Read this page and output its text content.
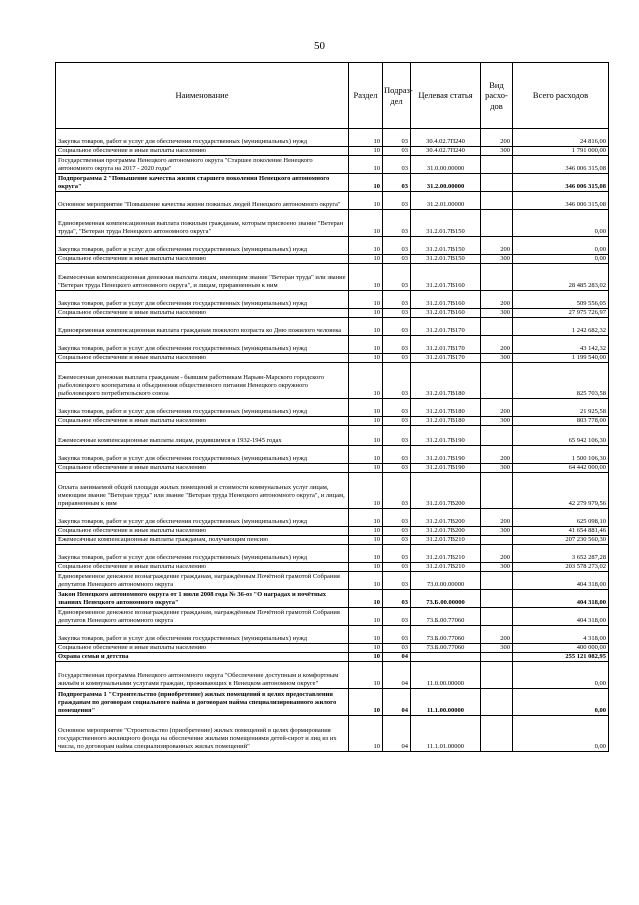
50
Наименование	Раздел	Подраз- дел	Целевая статья	Вид расхо- дов	Всего расходов
Закупка товаров, работ и услуг для обеспечения государственных (муниципальных) нужд	10	03	30.4.02.7П240	200	24 816,00
Социальное обеспечение и иные выплаты населению	10	03	30.4.02.7П240	300	1 791 000,00
Государственная программа Ненецкого автономного округа "Старшее поколение Ненецкого автономного округа на 2017 - 2020 годы"	10	03	31.0.00.00000		346 006 315,08
Подпрограмма 2 "Повышение качества жизни старшего поколения Ненецкого автономного округа"	10	03	31.2.00.00000		346 006 315,08
Основное мероприятие "Повышение качества жизни пожилых людей Ненецкого автономного округа"	10	03	31.2.01.00000		346 006 315,08
Единовременная компенсационная выплата пожилым гражданам, которым присвоено звание "Ветеран труда", "Ветеран труда Ненецкого автономного округа"	10	03	31.2.01.7В150		0,00
Закупка товаров, работ и услуг для обеспечения государственных (муниципальных) нужд	10	03	31.2.01.7В150	200	0,00
Социальное обеспечение и иные выплаты населению	10	03	31.2.01.7В150	300	0,00
Ежемесячная компенсационная денежная выплата лицам, имеющим звание "Ветеран труда" или звание "Ветеран труда Ненецкого автономного округа", и лицам, приравненным к ним	10	03	31.2.01.7В160		28 485 283,02
Закупка товаров, работ и услуг для обеспечения государственных (муниципальных) нужд	10	03	31.2.01.7В160	200	509 556,05
Социальное обеспечение и иные выплаты населению	10	03	31.2.01.7В160	300	27 975 726,97
Единовременная компенсационная выплата гражданам пожилого возраста ко Дню пожилого человека	10	03	31.2.01.7В170		1 242 682,32
Закупка товаров, работ и услуг для обеспечения государственных (муниципальных) нужд	10	03	31.2.01.7В170	200	43 142,32
Социальное обеспечение и иные выплаты населению	10	03	31.2.01.7В170	300	1 199 540,00
Ежемесячная денежная выплата гражданам - бывшим работникам Нарьян-Марского городского рыболовецкого кооператива и объединения общественного питания Ненецкого окружного рыболовецкого потребительского союза	10	03	31.2.01.7В180		825 703,58
Закупка товаров, работ и услуг для обеспечения государственных (муниципальных) нужд	10	03	31.2.01.7В180	200	21 925,58
Социальное обеспечение и иные выплаты населению	10	03	31.2.01.7В180	300	803 778,00
Ежемесячные компенсационные выплаты лицам, родившимся в 1932-1945 годах	10	03	31.2.01.7В190		65 942 106,30
Закупка товаров, работ и услуг для обеспечения государственных (муниципальных) нужд	10	03	31.2.01.7В190	200	1 500 106,30
Социальное обеспечение и иные выплаты населению	10	03	31.2.01.7В190	300	64 442 000,00
Оплата занимаемой общей площади жилых помещений и стоимости коммунальных услуг лицам, имеющим звание "Ветеран труда" или звание "Ветеран труда Ненецкого автономного округа", и лицам, приравненным к ним	10	03	31.2.01.7В200		42 279 979,56
Закупка товаров, работ и услуг для обеспечения государственных (муниципальных) нужд	10	03	31.2.01.7В200	200	625 098,10
Социальное обеспечение и иные выплаты населению	10	03	31.2.01.7В200	300	41 654 881,46
Ежемесячные компенсационные выплаты гражданам, получающим пенсию	10	03	31.2.01.7В210		207 230 560,30
Закупка товаров, работ и услуг для обеспечения государственных (муниципальных) нужд	10	03	31.2.01.7В210	200	3 652 287,28
Социальное обеспечение и иные выплаты населению	10	03	31.2.01.7В210	300	203 578 273,02
Единовременное денежное вознаграждение гражданам, награждённым Почётной грамотой Собрания депутатов Ненецкого автономного округа	10	03	73.0.00.00000		404 318,00
Закон Ненецкого автономного округа от 1 июля 2008 года № 36-оз "О наградах и почётных званиях Ненецкого автономного округа"	10	03	73.Б.00.00000		404 318,00
Единовременное денежное вознаграждение гражданам, награждённым Почётной грамотой Собрания депутатов Ненецкого автономного округа	10	03	73.Б.00.77060		404 318,00
Закупка товаров, работ и услуг для обеспечения государственных (муниципальных) нужд	10	03	73.Б.00.77060	200	4 318,00
Социальное обеспечение и иные выплаты населению	10	03	73.Б.00.77060	300	400 000,00
Охрана семьи и детства	10	04			255 121 082,95
Государственная программа Ненецкого автономного округа "Обеспечение доступным и комфортным жильём и коммунальными услугами граждан, проживающих в Ненецком автономном округе"	10	04	11.0.00.00000		0,00
Подпрограмма 1 "Строительство (приобретение) жилых помещений в целях предоставления гражданам по договорам социального найма и договорам найма специализированного жилого помещения"	10	04	11.1.00.00000		0,00
Основное мероприятие "Строительство (приобретение) жилых помещений в целях формирования государственного жилищного фонда на обеспечение жилыми помещениями детей-сирот и лиц из их числа, по договорам найма специализированных жилых помещений"	10	04	11.1.01.00000		0,00
